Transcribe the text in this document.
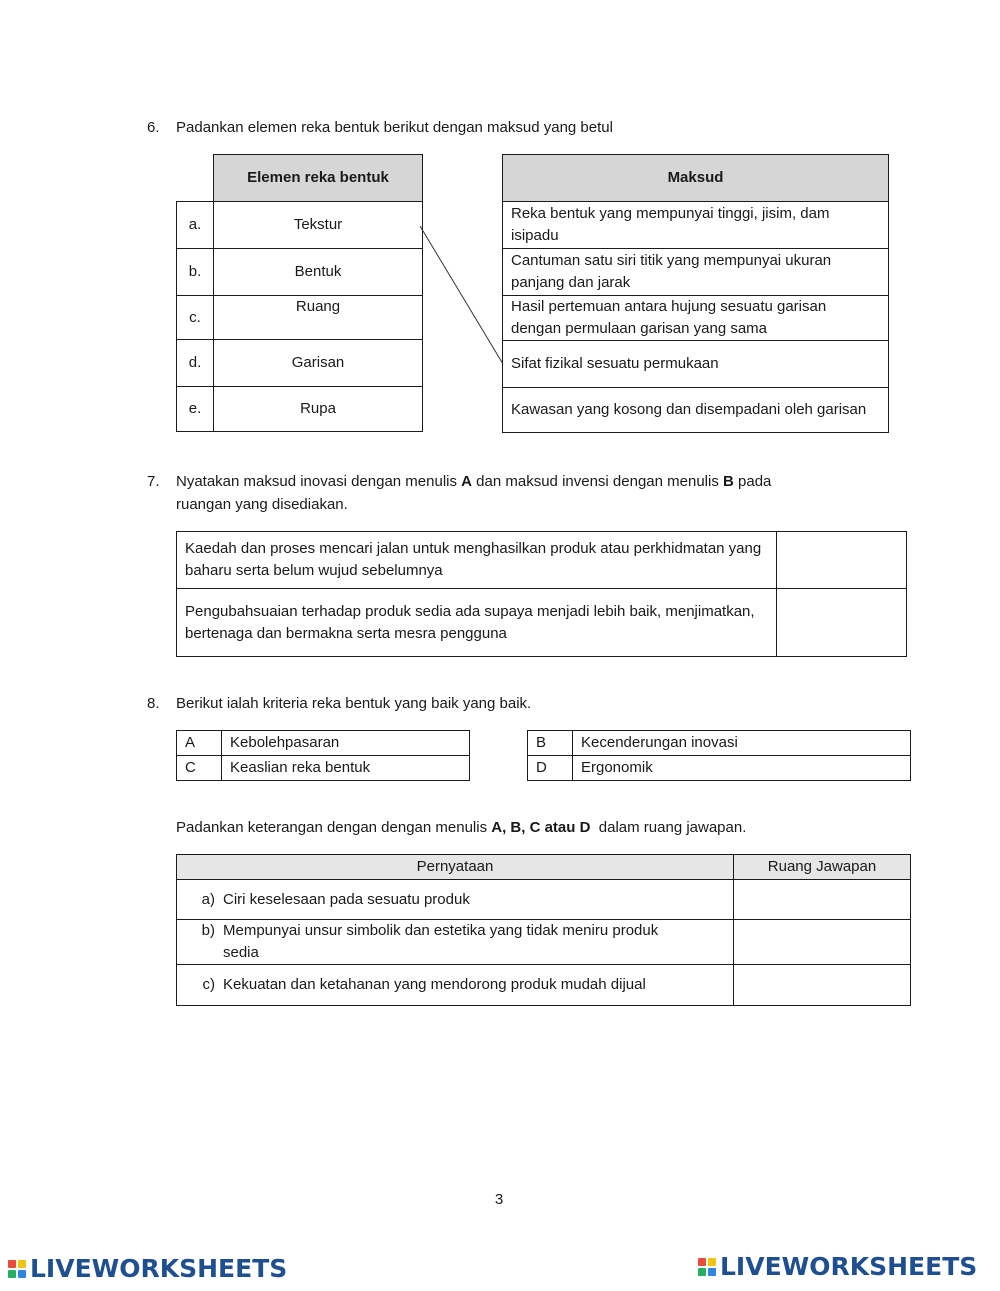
6.	Padankan elemen reka bentuk berikut dengan maksud yang betul
	Elemen reka bentuk
a.	Tekstur
b.	Bentuk
c.	Ruang
d.	Garisan
e.	Rupa
Maksud
Reka bentuk yang mempunyai tinggi, jisim, dam isipadu
Cantuman satu siri titik yang mempunyai ukuran panjang dan jarak
Hasil pertemuan antara hujung sesuatu garisan dengan permulaan garisan yang sama
Sifat fizikal sesuatu permukaan
Kawasan yang kosong dan disempadani oleh garisan
7.	Nyatakan maksud inovasi dengan menulis A dan maksud invensi dengan menulis B pada
ruangan yang disediakan.
Kaedah dan proses mencari jalan untuk menghasilkan produk atau perkhidmatan yang baharu serta belum wujud sebelumnya	
Pengubahsuaian terhadap produk sedia ada supaya menjadi lebih baik, menjimatkan, bertenaga dan bermakna serta mesra pengguna	
8.	Berikut ialah kriteria reka bentuk yang baik yang baik.
A	Kebolehpasaran
C	Keaslian reka bentuk
B	Kecenderungan inovasi
D	Ergonomik
Padankan keterangan dengan dengan menulis A, B, C atau D  dalam ruang jawapan.
Pernyataan	Ruang Jawapan
a) Ciri keselesaan pada sesuatu produk	
b) Mempunyai unsur simbolik dan estetika yang tidak meniru produk sedia	
c) Kekuatan dan ketahanan yang mendorong produk mudah dijual	
3
LIVEWORKSHEETS	LIVEWORKSHEETS
